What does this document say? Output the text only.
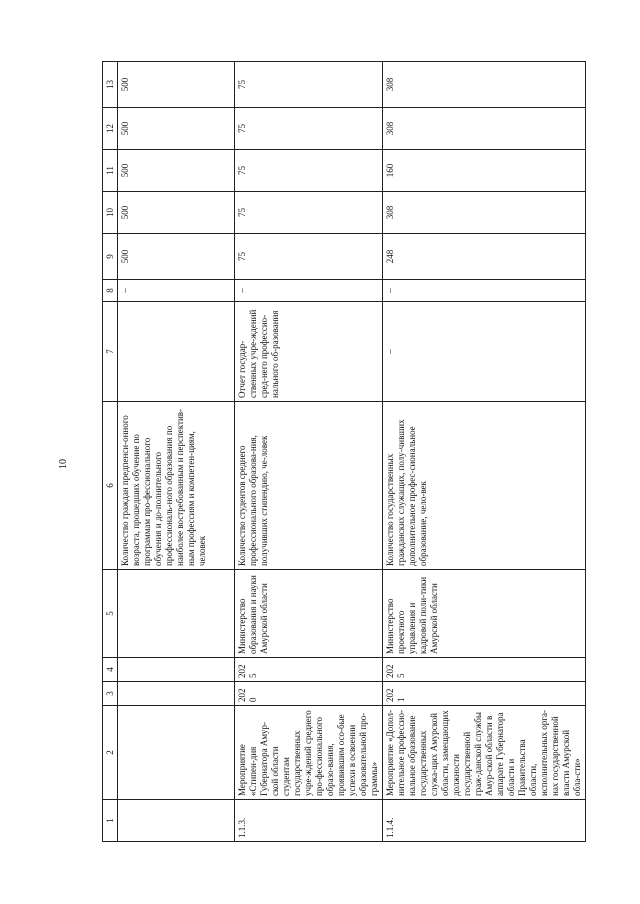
10
1	2	3	4	5	6	7	8	9	10	11	12	13
					Количество граждан предпенси-онного возраста, прошедших обучение по программам про-фессионального обучения и до-полнительного профессиональ-ного образования по наиболее востребованным и перспектив-ным профессиям и компетен-циям, человек		–	500	500	500	500	500
1.1.3.	Мероприятие «Стипен-дия Губернатора Амур-ской области студентам государственных учре-ждений среднего про-фессионального образо-вания, проявившим осо-бые успехи в освоении образовательной про-граммы»	2020	2025	Министерство образования и науки Амурской области	Количество студентов среднего профессионального образова-ния, получивших стипендию, че-ловек	Отчет государ-ственных учре-ждений сред-него профессио-нального об-разования	–	75	75	75	75	75
1.1.4.	Мероприятие «Допол-нительное профессио-нальное образование государственных служа-щих Амурской области, замещающих должности государственной граж-данской службы Амур-ской области в аппарате Губернатора области и Правительства области, исполнительных орга-нах государственной власти Амурской обла-сти»	2021	2025	Министерство проектного управления и кадровой поли-тики Амурской области	Количество государственных гражданских служащих, полу-чивших дополнительное профес-сиональное образование, чело-век	–	–	248	308	160	308	308
